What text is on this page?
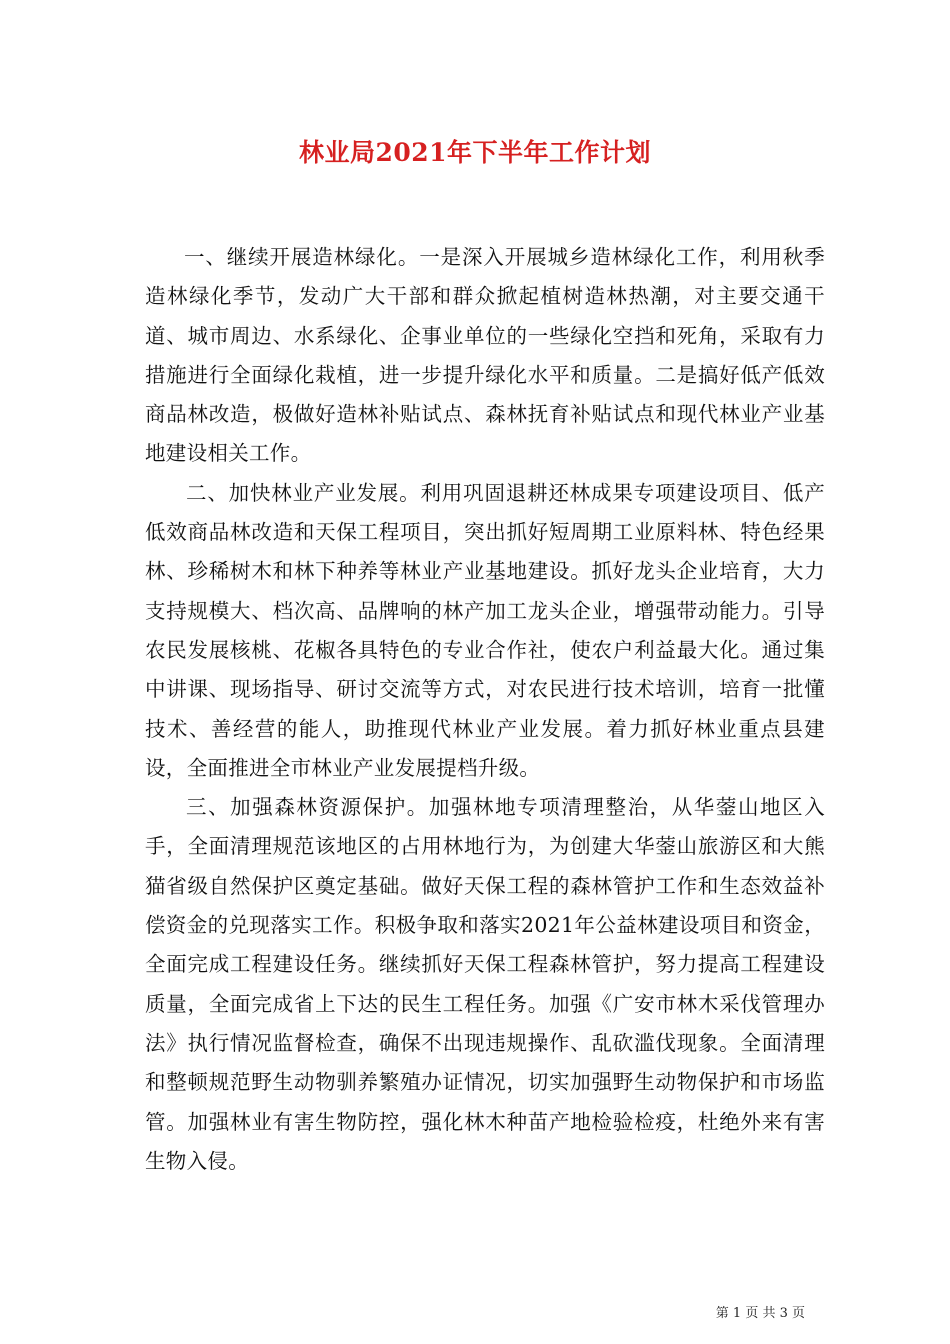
林业局2021年下半年工作计划

一、继续开展造林绿化。一是深入开展城乡造林绿化工作，利用秋季造林绿化季节，发动广大干部和群众掀起植树造林热潮，对主要交通干道、城市周边、水系绿化、企事业单位的一些绿化空挡和死角，采取有力措施进行全面绿化栽植，进一步提升绿化水平和质量。二是搞好低产低效商品林改造，极做好造林补贴试点、森林抚育补贴试点和现代林业产业基地建设相关工作。

二、加快林业产业发展。利用巩固退耕还林成果专项建设项目、低产低效商品林改造和天保工程项目，突出抓好短周期工业原料林、特色经果林、珍稀树木和林下种养等林业产业基地建设。抓好龙头企业培育，大力支持规模大、档次高、品牌响的林产加工龙头企业，增强带动能力。引导农民发展核桃、花椒各具特色的专业合作社，使农户利益最大化。通过集中讲课、现场指导、研讨交流等方式，对农民进行技术培训，培育一批懂技术、善经营的能人，助推现代林业产业发展。着力抓好林业重点县建设，全面推进全市林业产业发展提档升级。

三、加强森林资源保护。加强林地专项清理整治，从华蓥山地区入手，全面清理规范该地区的占用林地行为，为创建大华蓥山旅游区和大熊猫省级自然保护区奠定基础。做好天保工程的森林管护工作和生态效益补偿资金的兑现落实工作。积极争取和落实2021年公益林建设项目和资金，全面完成工程建设任务。继续抓好天保工程森林管护，努力提高工程建设质量，全面完成省上下达的民生工程任务。加强《广安市林木采伐管理办法》执行情况监督检查，确保不出现违规操作、乱砍滥伐现象。全面清理和整顿规范野生动物驯养繁殖办证情况，切实加强野生动物保护和市场监管。加强林业有害生物防控，强化林木种苗产地检验检疫，杜绝外来有害生物入侵。

第 1 页 共 3 页
